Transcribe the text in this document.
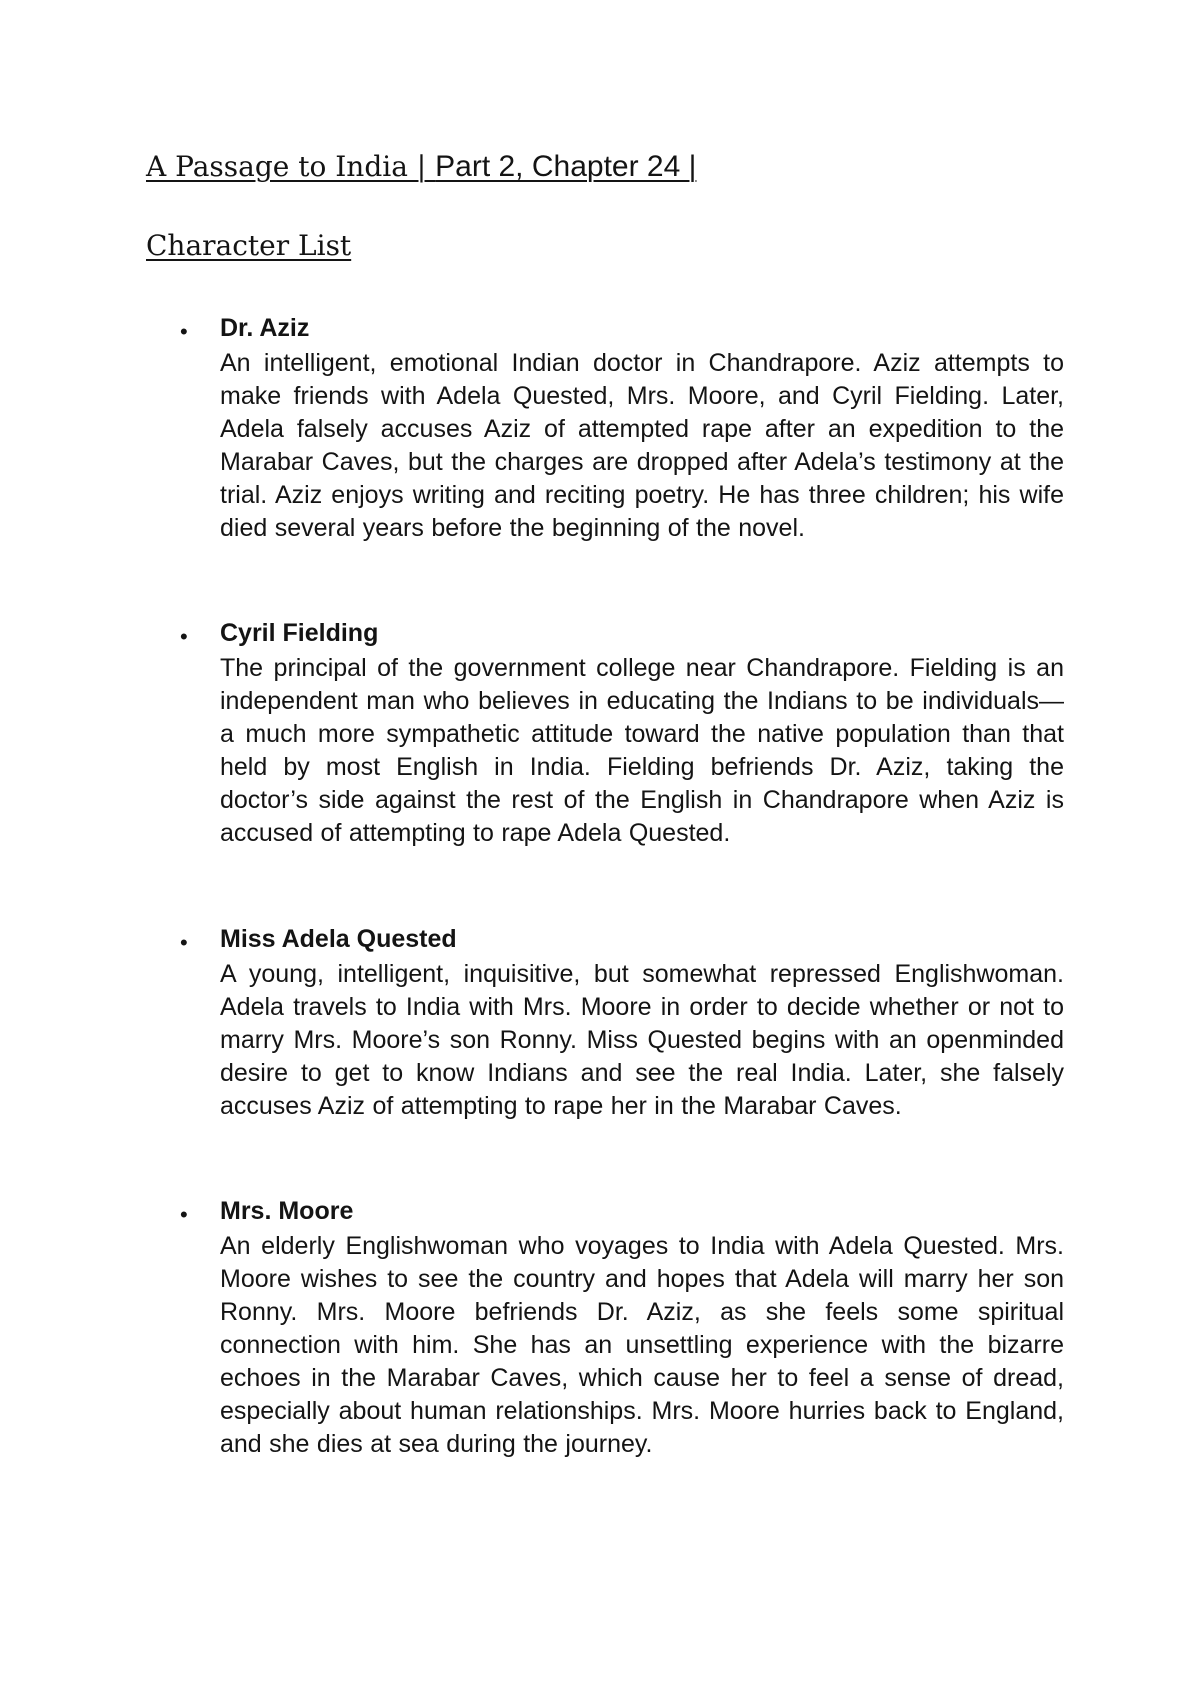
A Passage to India | Part 2, Chapter 24 |
Character List
• Dr. Aziz

An intelligent, emotional Indian doctor in Chandrapore. Aziz attempts to make friends with Adela Quested, Mrs. Moore, and Cyril Fielding. Later, Adela falsely accuses Aziz of attempted rape after an expedition to the Marabar Caves, but the charges are dropped after Adela’s testimony at the trial. Aziz enjoys writing and reciting poetry. He has three children; his wife died several years before the beginning of the novel.

• Cyril Fielding

The principal of the government college near Chandrapore. Fielding is an independent man who believes in educating the Indians to be individuals—a much more sympathetic attitude toward the native population than that held by most English in India. Fielding befriends Dr. Aziz, taking the doctor’s side against the rest of the English in Chandrapore when Aziz is accused of attempting to rape Adela Quested.

• Miss Adela Quested

A young, intelligent, inquisitive, but somewhat repressed Englishwoman. Adela travels to India with Mrs. Moore in order to decide whether or not to marry Mrs. Moore’s son Ronny. Miss Quested begins with an openminded desire to get to know Indians and see the real India. Later, she falsely accuses Aziz of attempting to rape her in the Marabar Caves.

• Mrs. Moore

An elderly Englishwoman who voyages to India with Adela Quested. Mrs. Moore wishes to see the country and hopes that Adela will marry her son Ronny. Mrs. Moore befriends Dr. Aziz, as she feels some spiritual connection with him. She has an unsettling experience with the bizarre echoes in the Marabar Caves, which cause her to feel a sense of dread, especially about human relationships. Mrs. Moore hurries back to England, and she dies at sea during the journey.
